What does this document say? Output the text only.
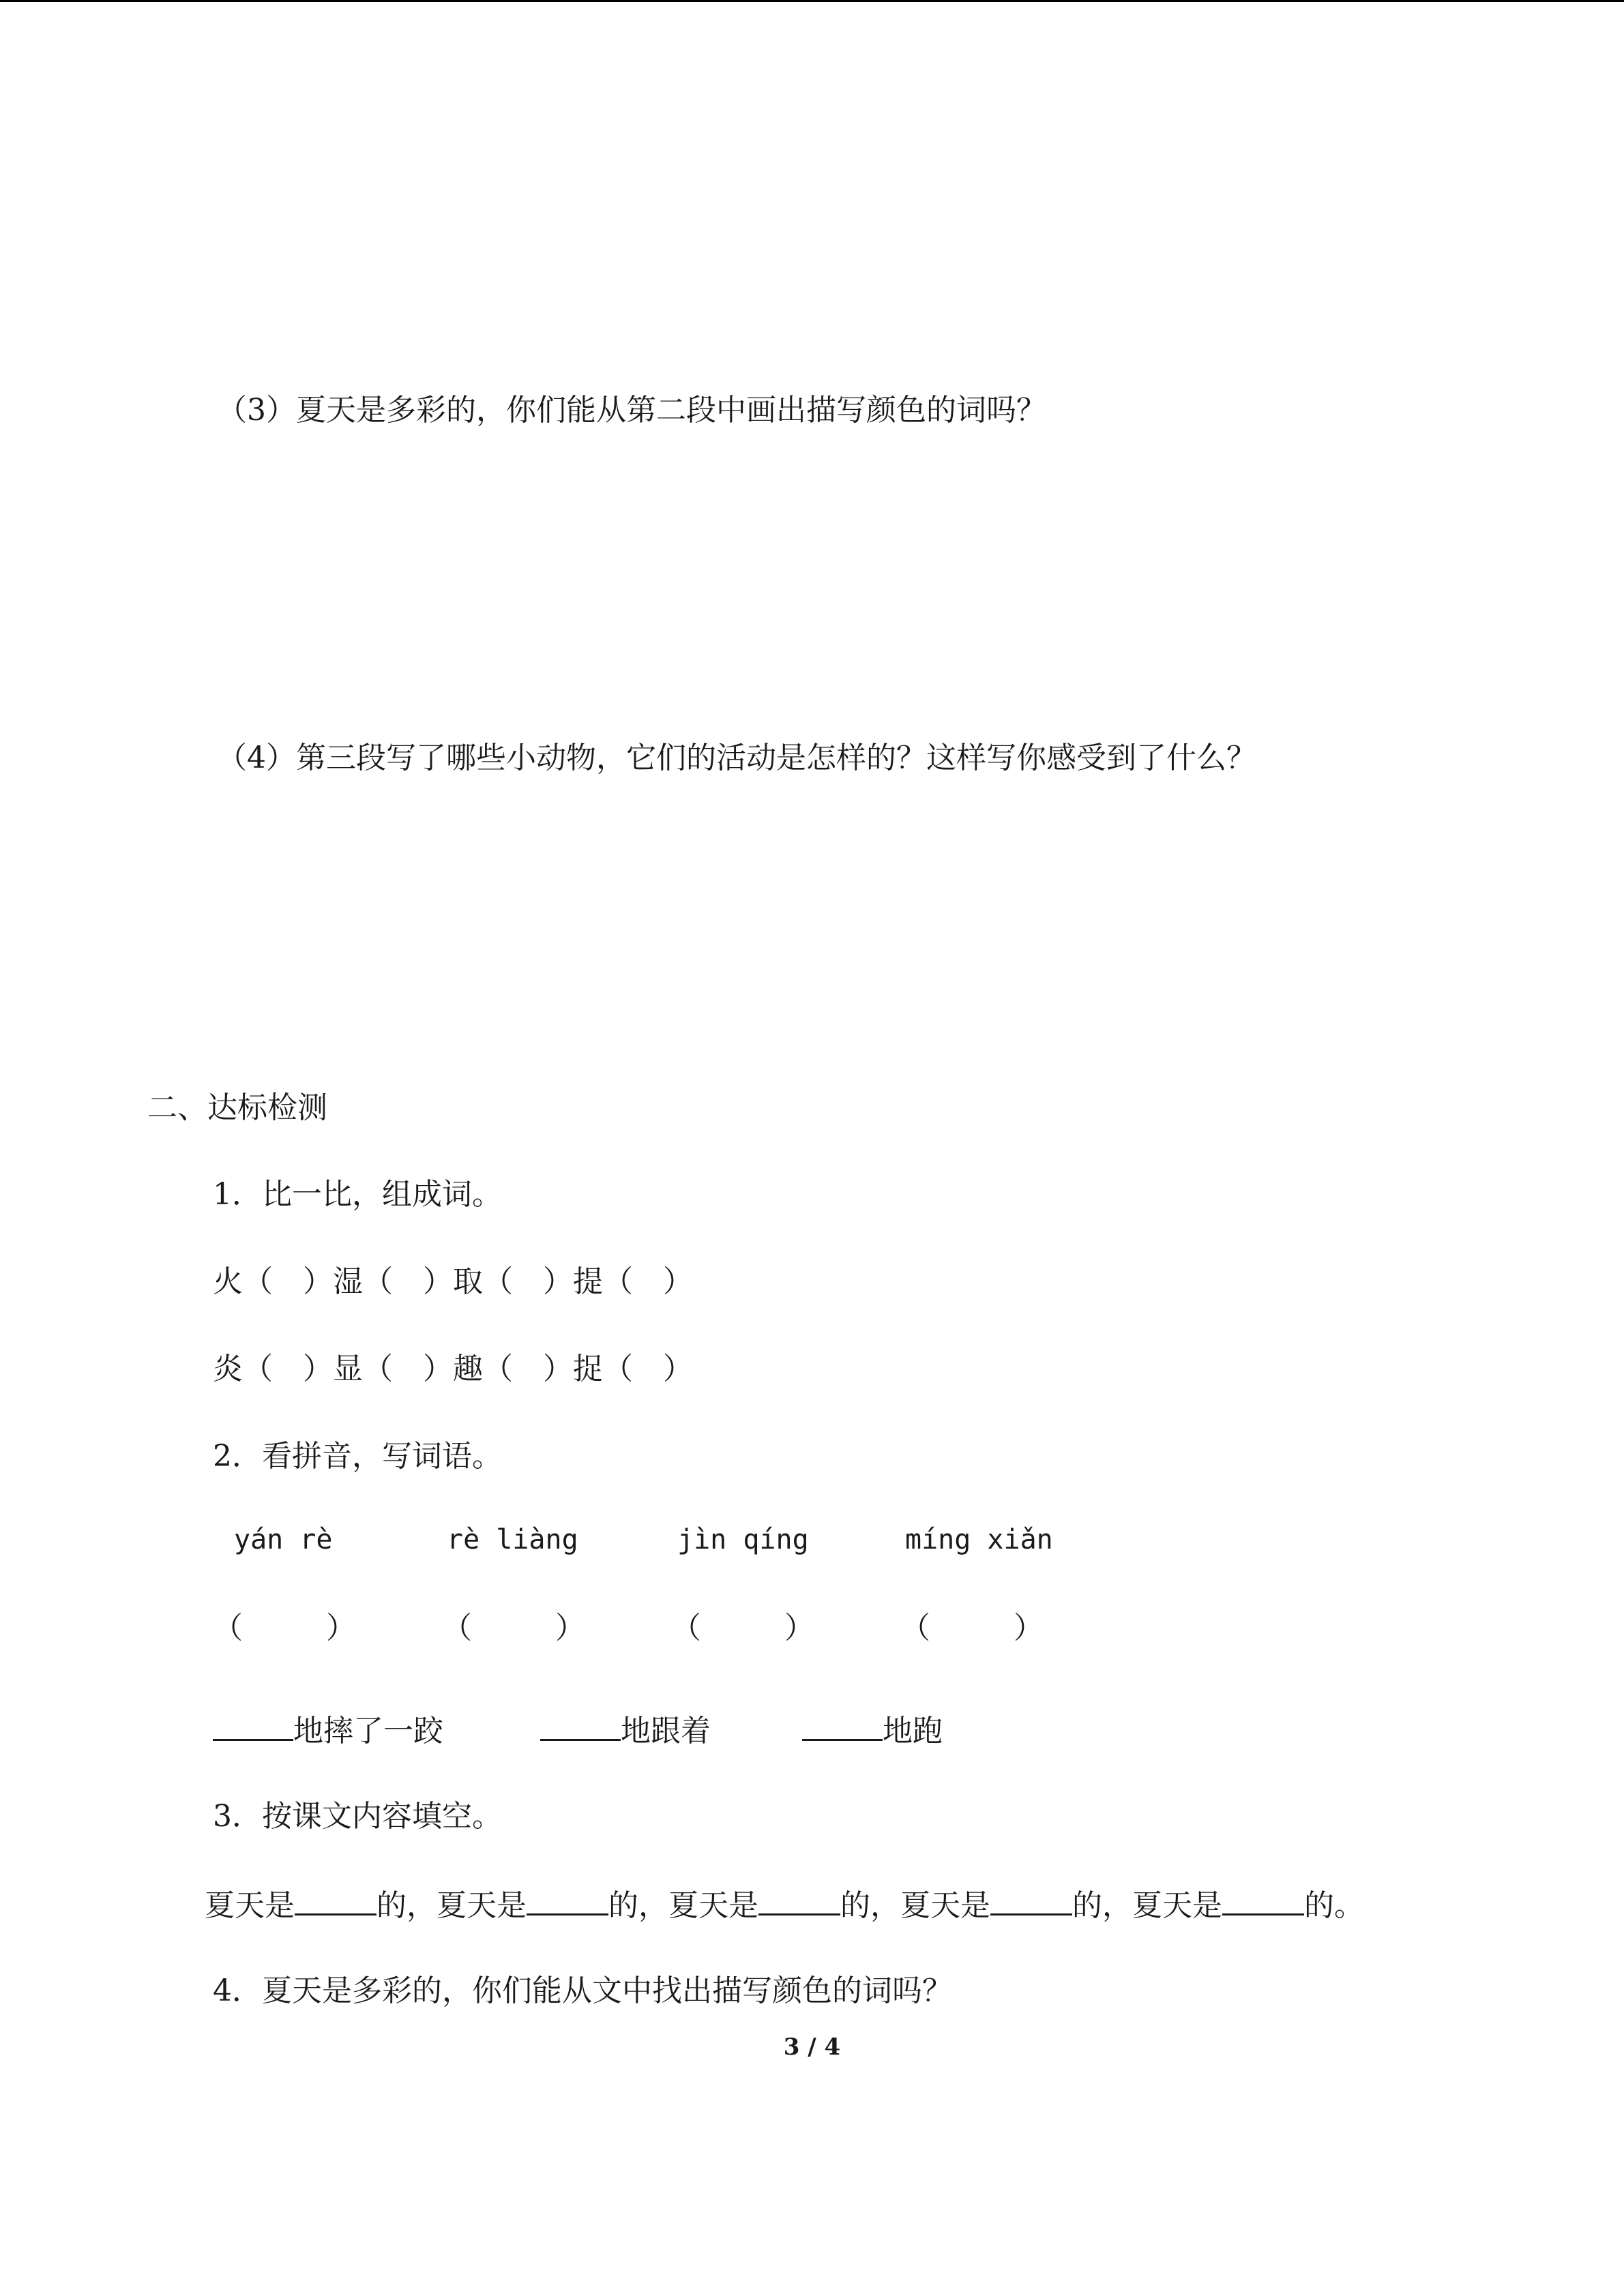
（3）夏天是多彩的，你们能从第二段中画出描写颜色的词吗？
（4）第三段写了哪些小动物，它们的活动是怎样的？这样写你感受到了什么？
二、达标检测
1．比一比，组成词。
火（　）湿（　）取（　）提（　）
炎（　）显（　）趣（　）捉（　）
2．看拼音，写词语。
yán rè	rè liàng	jìn qíng	míng xiǎn
（	）	（	）	（	）	（	）
地摔了一跤	地跟着	地跑
3．按课文内容填空。
夏天是	的，夏天是	的，夏天是	的，夏天是	的，夏天是	的。
4．夏天是多彩的，你们能从文中找出描写颜色的词吗？
3 / 4
